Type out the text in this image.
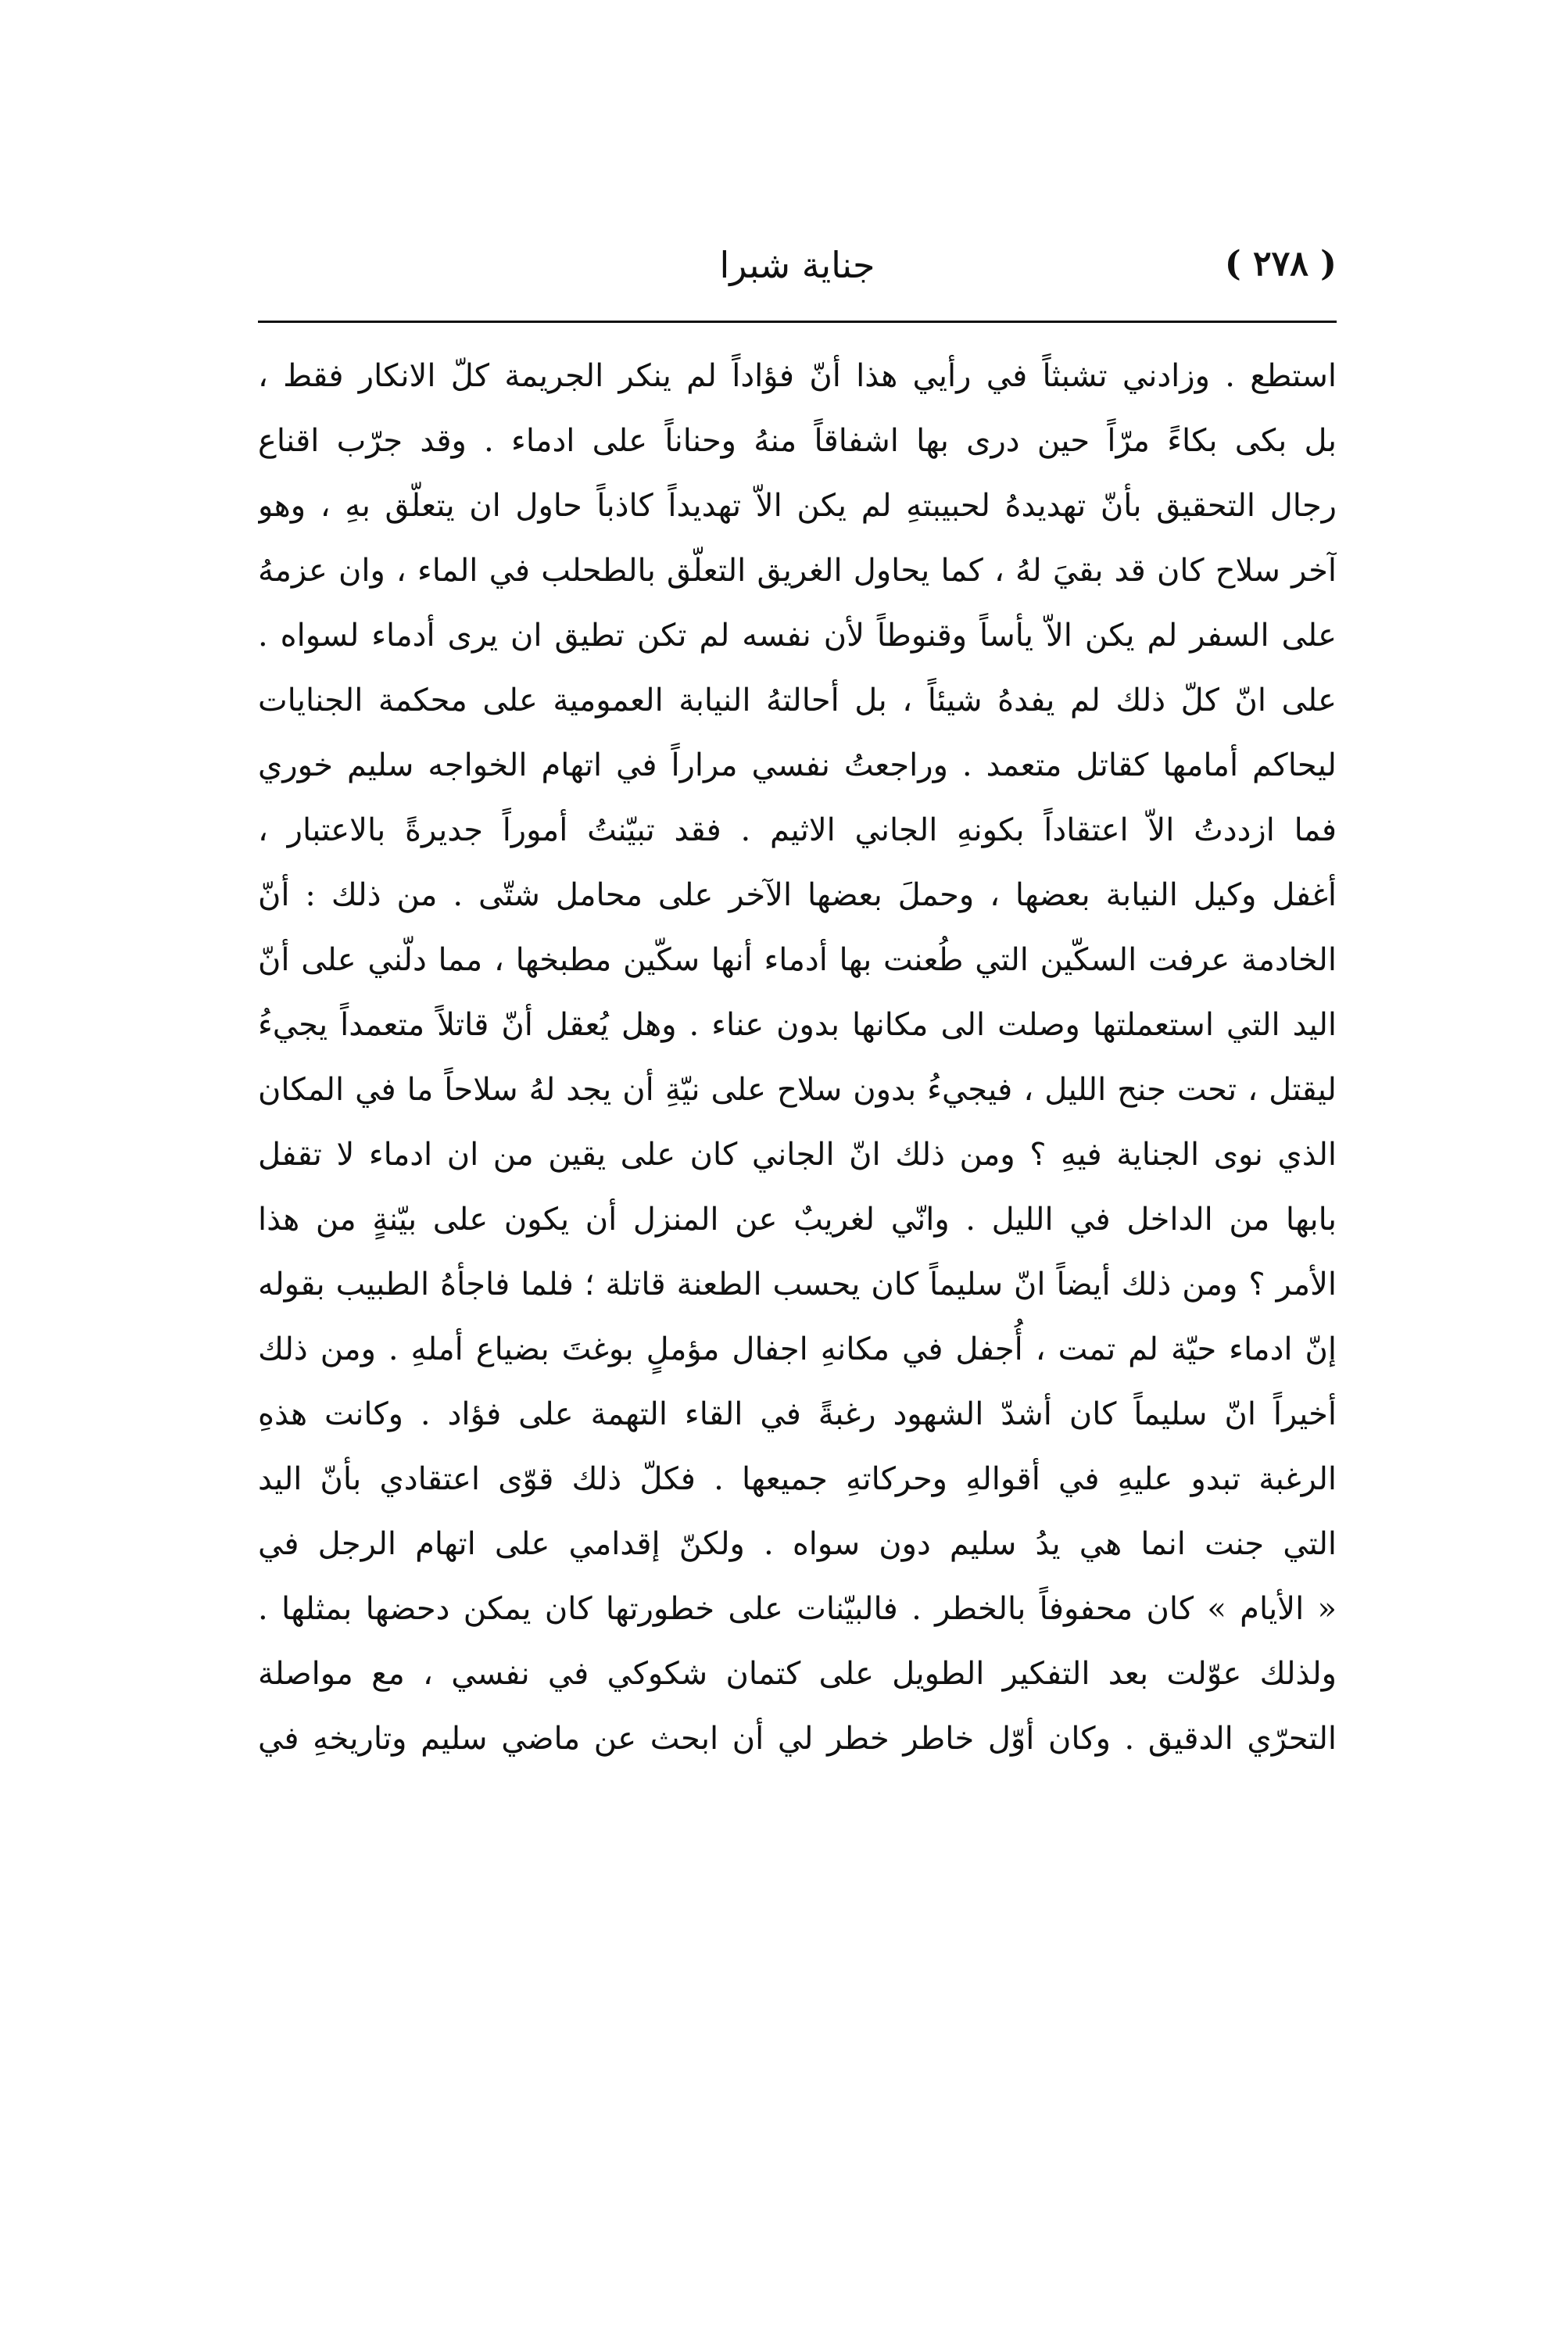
( ٢٧٨ )
جناية شبرا
استطع . وزادني تشبثاً في رأيي هذا أنّ فؤاداً لم ينكر الجريمة كلّ الانكار فقط ،
بل بكى بكاءً مرّاً حين درى بها اشفاقاً منهُ وحناناً على ادماء . وقد جرّب اقناع
رجال التحقيق بأنّ تهديدهُ لحبيبتهِ لم يكن الاّ تهديداً كاذباً حاول ان يتعلّق بهِ ، وهو
آخر سلاح كان قد بقيَ لهُ ، كما يحاول الغريق التعلّق بالطحلب في الماء ، وان عزمهُ
على السفر لم يكن الاّ يأساً وقنوطاً لأن نفسه لم تكن تطيق ان يرى أدماء لسواه .
على انّ كلّ ذلك لم يفدهُ شيئاً ، بل أحالتهُ النيابة العمومية على محكمة الجنايات
ليحاكم أمامها كقاتل متعمد . وراجعتُ نفسي مراراً في اتهام الخواجه سليم خوري
فما ازددتُ الاّ اعتقاداً بكونهِ الجاني الاثيم . فقد تبيّنتُ أموراً جديرةً بالاعتبار ،
أغفل وكيل النيابة بعضها ، وحملَ بعضها الآخر على محامل شتّى . من ذلك : أنّ
الخادمة عرفت السكّين التي طُعنت بها أدماء أنها سكّين مطبخها ، مما دلّني على أنّ
اليد التي استعملتها وصلت الى مكانها بدون عناء . وهل يُعقل أنّ قاتلاً متعمداً يجيءُ
ليقتل ، تحت جنح الليل ، فيجيءُ بدون سلاح على نيّةِ أن يجد لهُ سلاحاً ما في المكان
الذي نوى الجناية فيهِ ؟ ومن ذلك انّ الجاني كان على يقين من ان ادماء لا تقفل
بابها من الداخل في الليل . وانّي لغريبٌ عن المنزل أن يكون على بيّنةٍ من هذا
الأمر ؟ ومن ذلك أيضاً انّ سليماً كان يحسب الطعنة قاتلة ؛ فلما فاجأهُ الطبيب بقوله
إنّ ادماء حيّة لم تمت ، أُجفل في مكانهِ اجفال مؤملٍ بوغتَ بضياع أملهِ . ومن ذلك
أخيراً انّ سليماً كان أشدّ الشهود رغبةً في القاء التهمة على فؤاد . وكانت هذهِ
الرغبة تبدو عليهِ في أقوالهِ وحركاتهِ جميعها . فكلّ ذلك قوّى اعتقادي بأنّ اليد
التي جنت انما هي يدُ سليم دون سواه . ولكنّ إقدامي على اتهام الرجل في
« الأيام » كان محفوفاً بالخطر . فالبيّنات على خطورتها كان يمكن دحضها بمثلها .
ولذلك عوّلت بعد التفكير الطويل على كتمان شكوكي في نفسي ، مع مواصلة
التحرّي الدقيق . وكان أوّل خاطر خطر لي أن ابحث عن ماضي سليم وتاريخهِ في
